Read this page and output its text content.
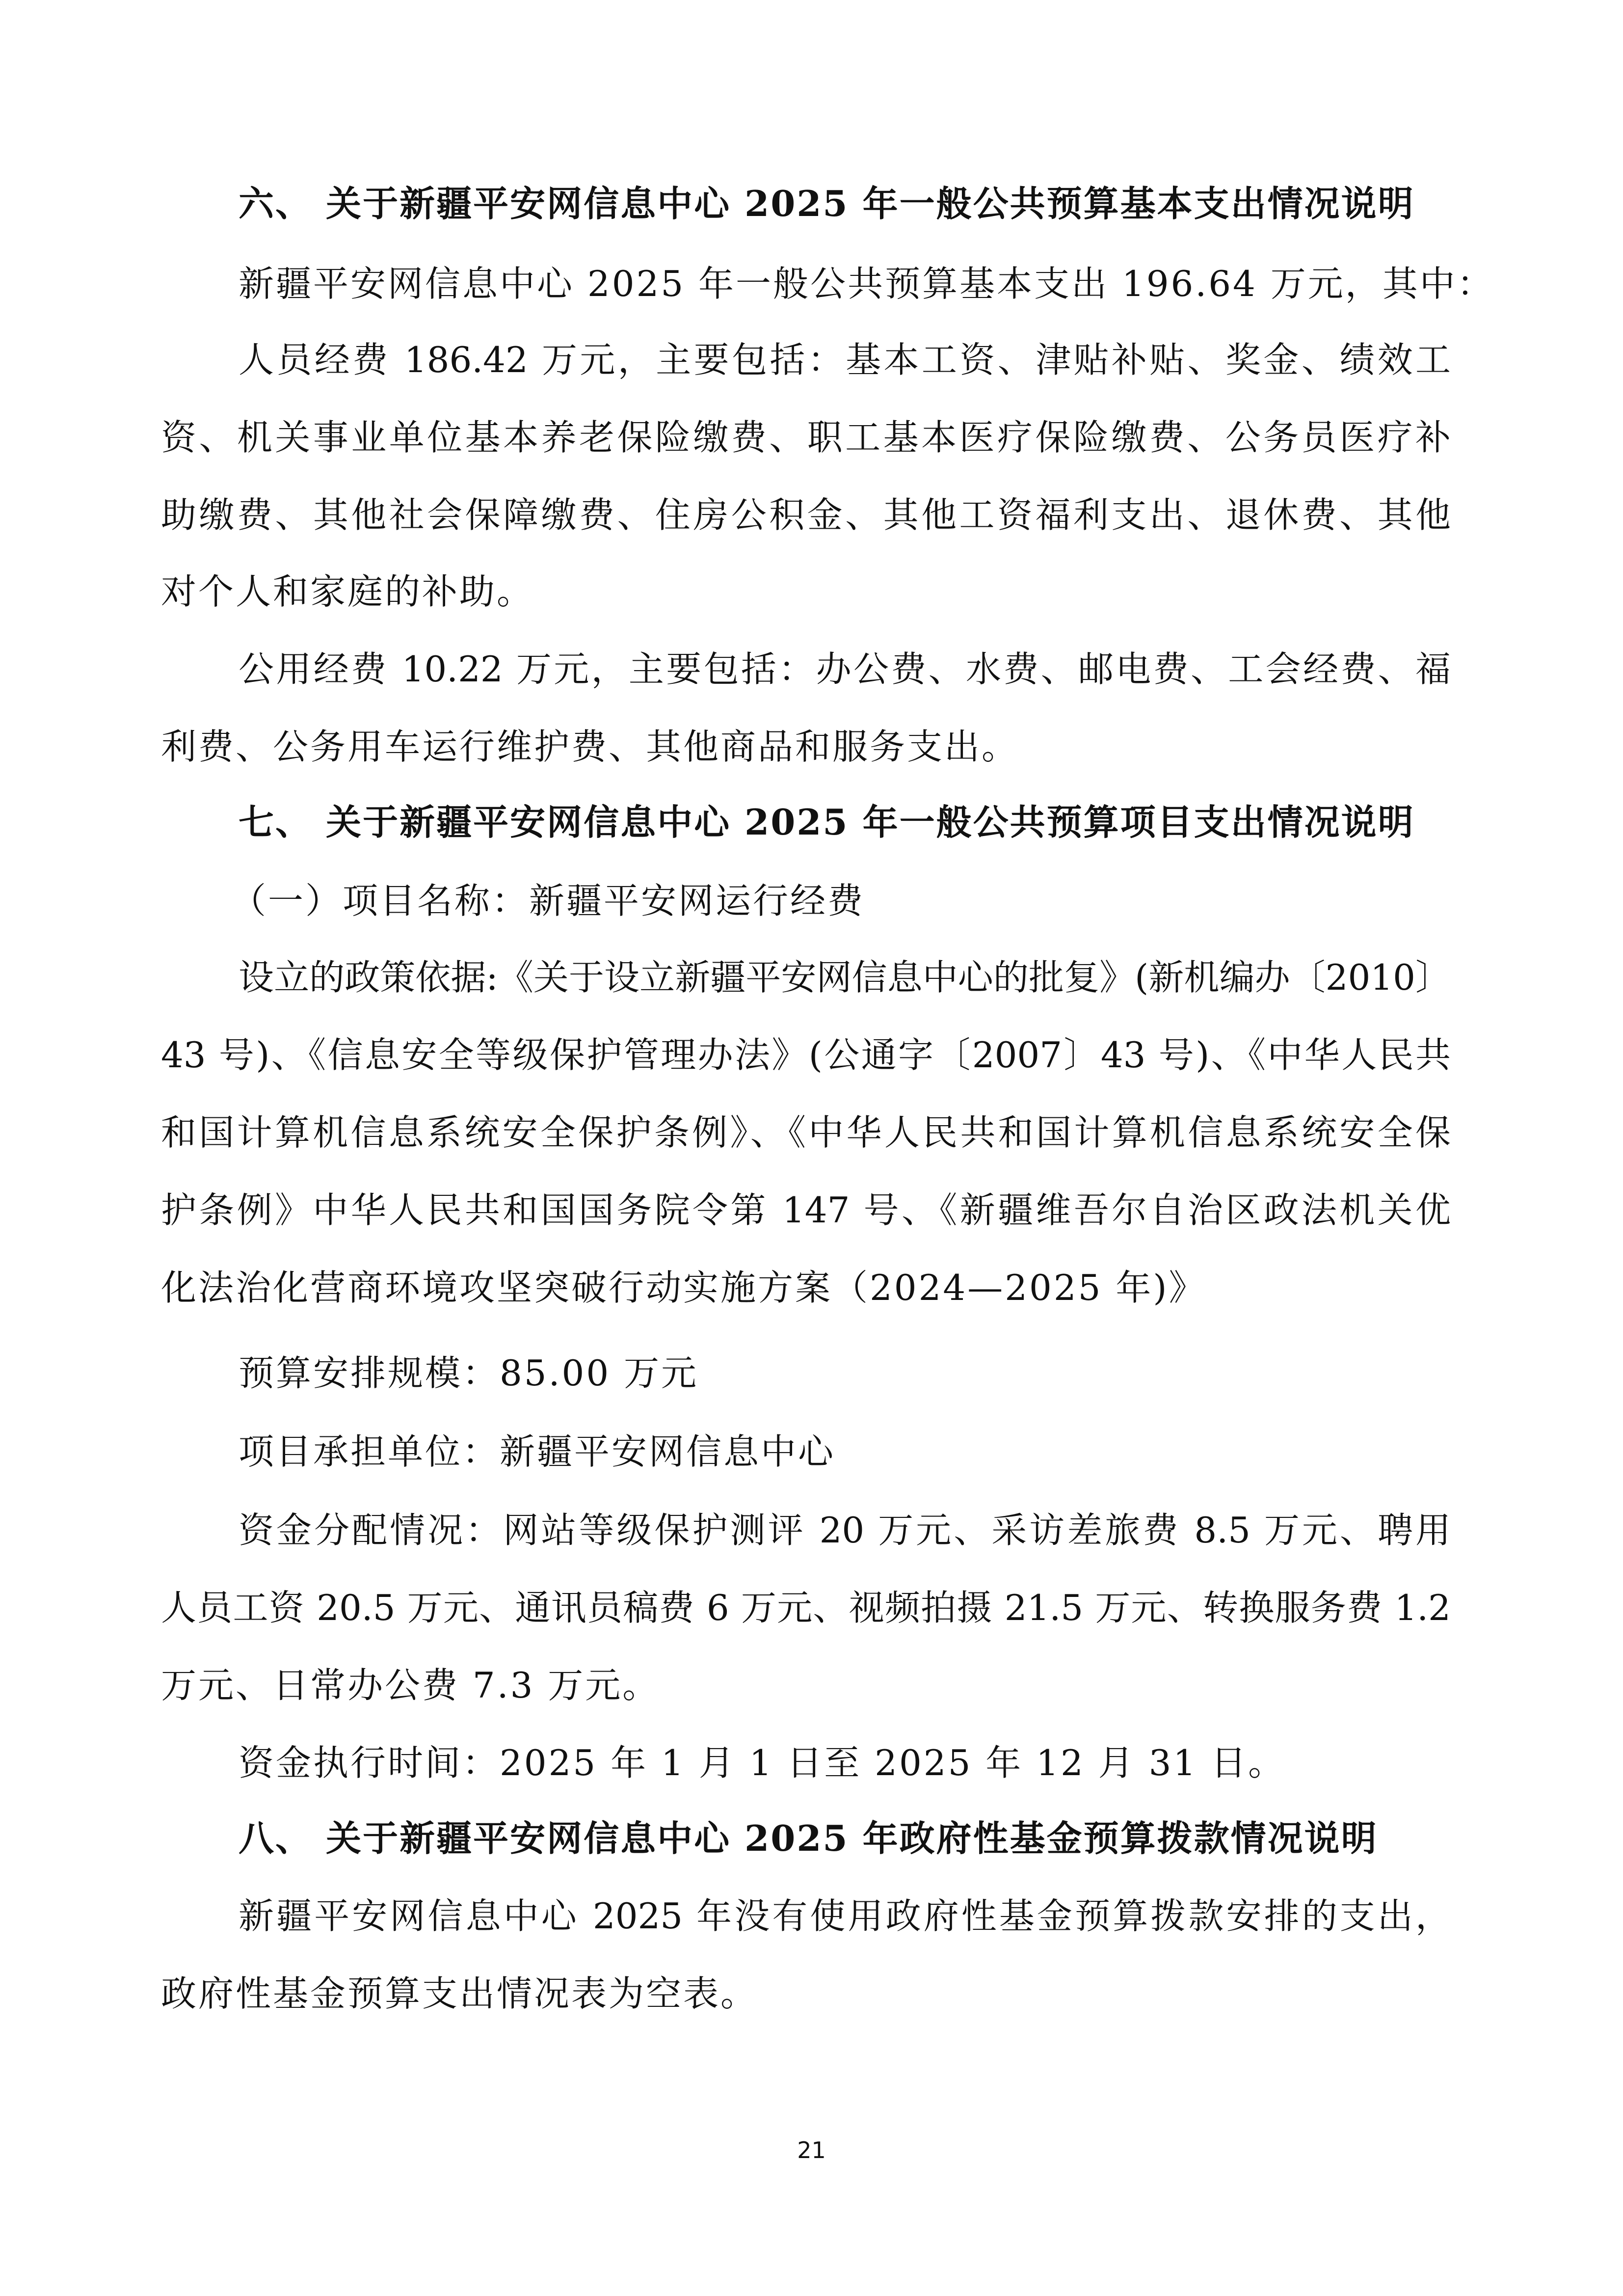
六、 关于新疆平安网信息中心 2025 年一般公共预算基本支出情况说明
新疆平安网信息中心 2025 年一般公共预算基本支出 196.64 万元，其中：
人员经费 186.42 万元，主要包括：基本工资、津贴补贴、奖金、绩效工
资、机关事业单位基本养老保险缴费、职工基本医疗保险缴费、公务员医疗补
助缴费、其他社会保障缴费、住房公积金、其他工资福利支出、退休费、其他
对个人和家庭的补助。
公用经费 10.22 万元，主要包括：办公费、水费、邮电费、工会经费、福
利费、公务用车运行维护费、其他商品和服务支出。
七、 关于新疆平安网信息中心 2025 年一般公共预算项目支出情况说明
（一）项目名称：新疆平安网运行经费
设立的政策依据:《关于设立新疆平安网信息中心的批复》(新机编办〔2010〕
43 号)、《信息安全等级保护管理办法》(公通字〔2007〕43 号)、《中华人民共
和国计算机信息系统安全保护条例》、《中华人民共和国计算机信息系统安全保
护条例》中华人民共和国国务院令第 147 号、《新疆维吾尔自治区政法机关优
化法治化营商环境攻坚突破行动实施方案（2024—2025 年)》
预算安排规模：85.00 万元
项目承担单位：新疆平安网信息中心
资金分配情况：网站等级保护测评 20 万元、采访差旅费 8.5 万元、聘用
人员工资 20.5 万元、通讯员稿费 6 万元、视频拍摄 21.5 万元、转换服务费 1.2
万元、日常办公费 7.3 万元。
资金执行时间：2025 年 1 月 1 日至 2025 年 12 月 31 日。
八、 关于新疆平安网信息中心 2025 年政府性基金预算拨款情况说明
新疆平安网信息中心 2025 年没有使用政府性基金预算拨款安排的支出，
政府性基金预算支出情况表为空表。
21
